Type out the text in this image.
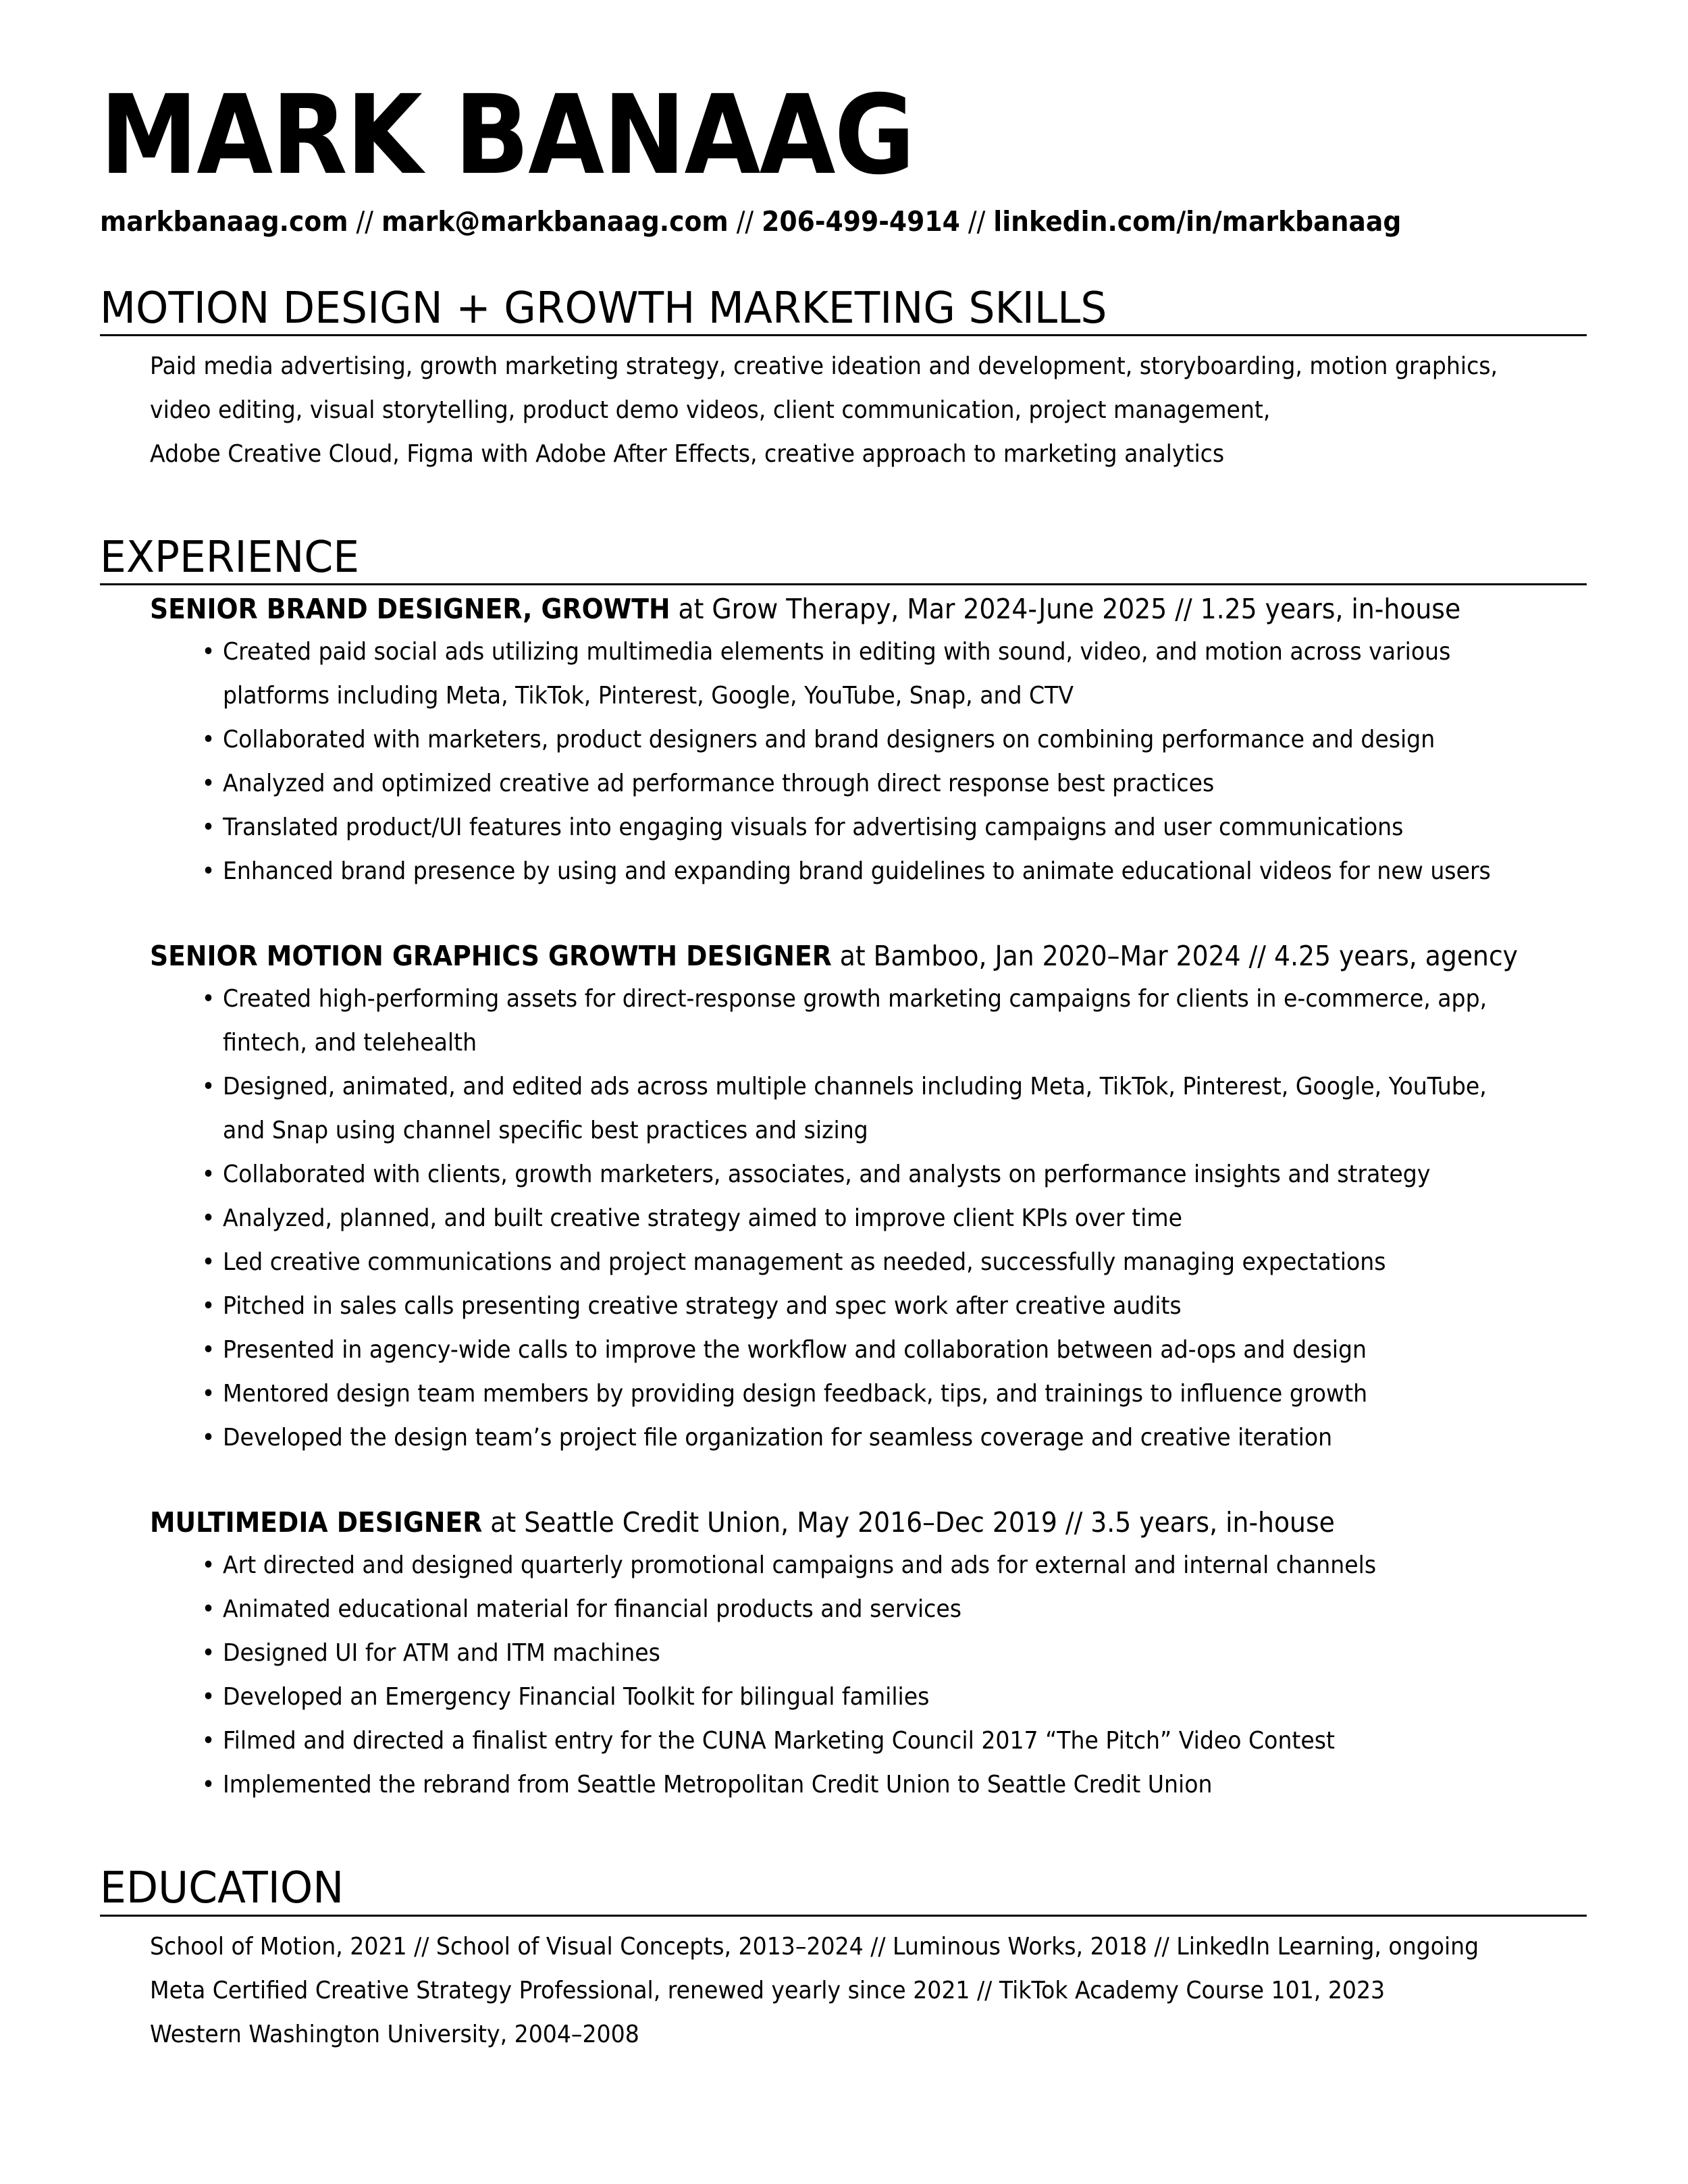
MARK BANAAG
markbanaag.com // mark@markbanaag.com // 206-499-4914 // linkedin.com/in/markbanaag
MOTION DESIGN + GROWTH MARKETING SKILLS
Paid media advertising, growth marketing strategy, creative ideation and development, storyboarding, motion graphics,
video editing, visual storytelling, product demo videos, client communication, project management,
Adobe Creative Cloud, Figma with Adobe After Effects, creative approach to marketing analytics
EXPERIENCE
SENIOR BRAND DESIGNER, GROWTH at Grow Therapy, Mar 2024-June 2025 // 1.25 years, in-house
• Created paid social ads utilizing multimedia elements in editing with sound, video, and motion across various
platforms including Meta, TikTok, Pinterest, Google, YouTube, Snap, and CTV
• Collaborated with marketers, product designers and brand designers on combining performance and design
• Analyzed and optimized creative ad performance through direct response best practices
• Translated product/UI features into engaging visuals for advertising campaigns and user communications
• Enhanced brand presence by using and expanding brand guidelines to animate educational videos for new users
SENIOR MOTION GRAPHICS GROWTH DESIGNER at Bamboo, Jan 2020–Mar 2024 // 4.25 years, agency
• Created high-performing assets for direct-response growth marketing campaigns for clients in e-commerce, app,
fintech, and telehealth
• Designed, animated, and edited ads across multiple channels including Meta, TikTok, Pinterest, Google, YouTube,
and Snap using channel specific best practices and sizing
• Collaborated with clients, growth marketers, associates, and analysts on performance insights and strategy
• Analyzed, planned, and built creative strategy aimed to improve client KPIs over time
• Led creative communications and project management as needed, successfully managing expectations
• Pitched in sales calls presenting creative strategy and spec work after creative audits
• Presented in agency-wide calls to improve the workflow and collaboration between ad-ops and design
• Mentored design team members by providing design feedback, tips, and trainings to influence growth
• Developed the design team’s project file organization for seamless coverage and creative iteration
MULTIMEDIA DESIGNER at Seattle Credit Union, May 2016–Dec 2019 // 3.5 years, in-house
• Art directed and designed quarterly promotional campaigns and ads for external and internal channels
• Animated educational material for financial products and services
• Designed UI for ATM and ITM machines
• Developed an Emergency Financial Toolkit for bilingual families
• Filmed and directed a finalist entry for the CUNA Marketing Council 2017 “The Pitch” Video Contest
• Implemented the rebrand from Seattle Metropolitan Credit Union to Seattle Credit Union
EDUCATION
School of Motion, 2021 // School of Visual Concepts, 2013–2024 // Luminous Works, 2018 // LinkedIn Learning, ongoing
Meta Certified Creative Strategy Professional, renewed yearly since 2021 // TikTok Academy Course 101, 2023
Western Washington University, 2004–2008
